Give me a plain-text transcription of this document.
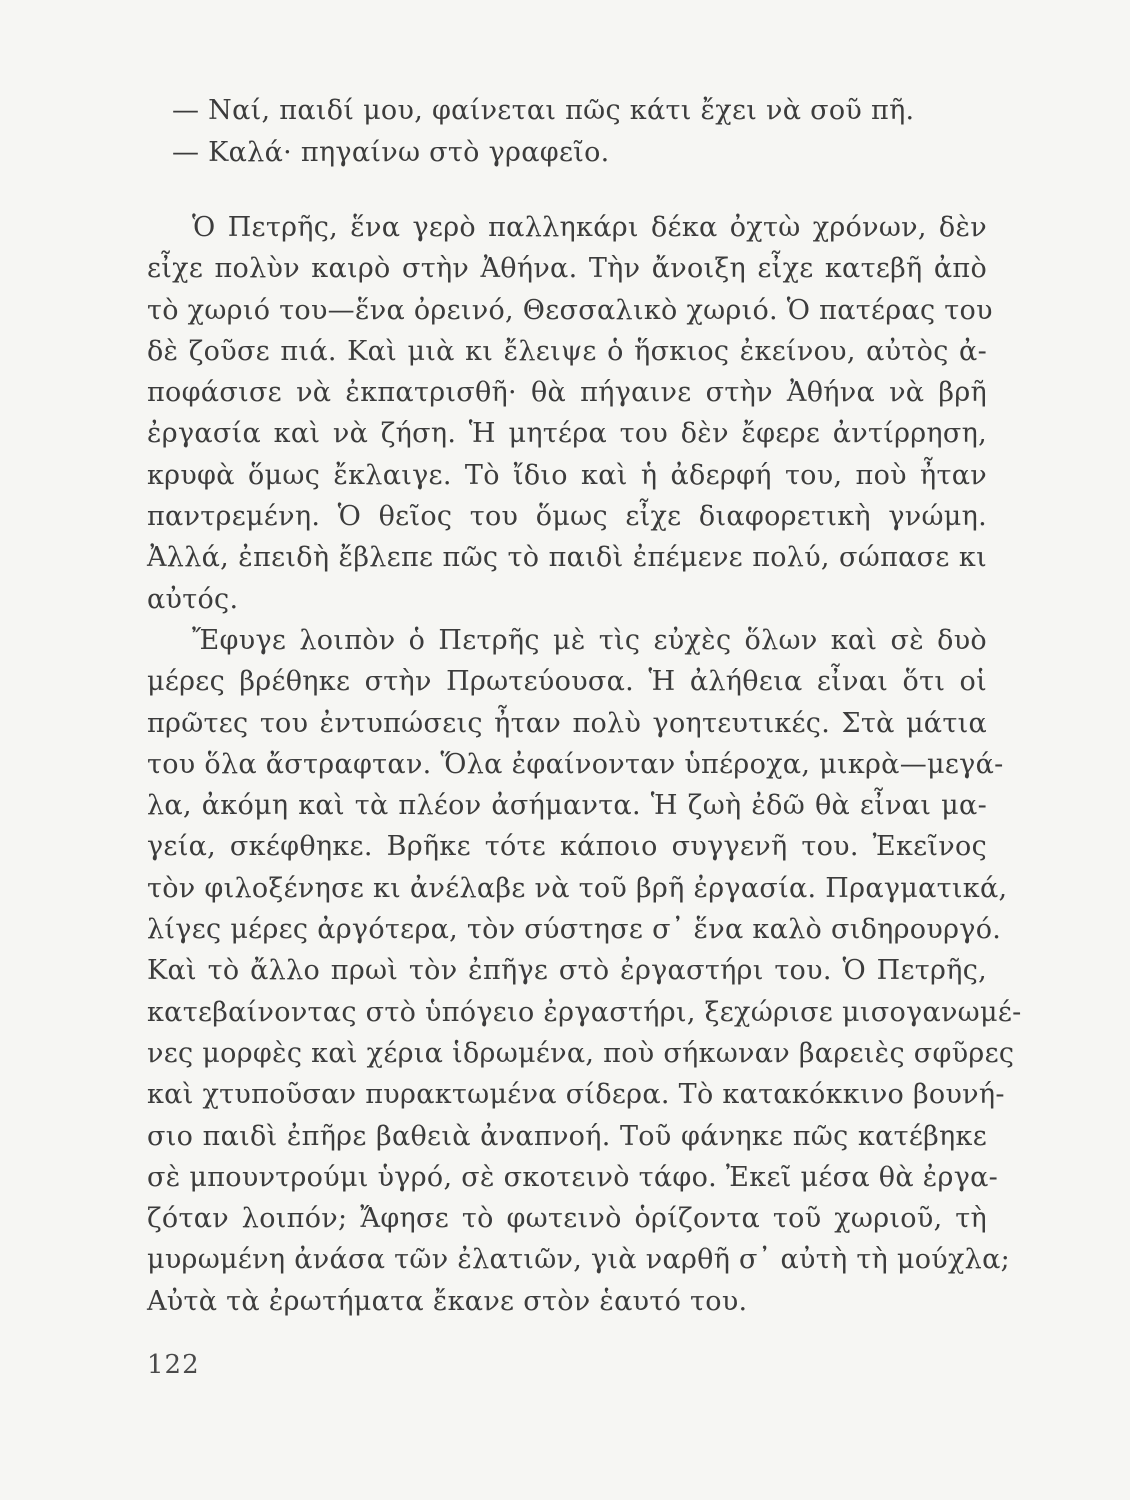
— Ναί, παιδί μου, φαίνεται πῶς κάτι ἔχει νὰ σοῦ πῆ.
— Καλά· πηγαίνω στὸ γραφεῖο.
Ὁ Πετρῆς, ἕνα γερὸ παλληκάρι δέκα ὀχτὼ χρόνων, δὲν
εἶχε πολὺν καιρὸ στὴν Ἀθήνα. Τὴν ἄνοιξη εἶχε κατεβῆ ἀπὸ
τὸ χωριό του—ἕνα ὀρεινό, Θεσσαλικὸ χωριό. Ὁ πατέρας του
δὲ ζοῦσε πιά. Καὶ μιὰ κι ἔλειψε ὁ ἥσκιος ἐκείνου, αὐτὸς ἀ-
ποφάσισε νὰ ἐκπατρισθῆ· θὰ πήγαινε στὴν Ἀθήνα νὰ βρῆ
ἐργασία καὶ νὰ ζήση. Ἡ μητέρα του δὲν ἔφερε ἀντίρρηση,
κρυφὰ ὅμως ἔκλαιγε. Τὸ ἴδιο καὶ ἡ ἀδερφή του, ποὺ ἦταν
παντρεμένη. Ὁ θεῖος του ὅμως εἶχε διαφορετικὴ γνώμη.
Ἀλλά, ἐπειδὴ ἔβλεπε πῶς τὸ παιδὶ ἐπέμενε πολύ, σώπασε κι
αὐτός.
Ἔφυγε λοιπὸν ὁ Πετρῆς μὲ τὶς εὐχὲς ὅλων καὶ σὲ δυὸ
μέρες βρέθηκε στὴν Πρωτεύουσα. Ἡ ἀλήθεια εἶναι ὅτι οἱ
πρῶτες του ἐντυπώσεις ἦταν πολὺ γοητευτικές. Στὰ μάτια
του ὅλα ἄστραφταν. Ὅλα ἐφαίνονταν ὑπέροχα, μικρὰ—μεγά-
λα, ἀκόμη καὶ τὰ πλέον ἀσήμαντα. Ἡ ζωὴ ἐδῶ θὰ εἶναι μα-
γεία, σκέφθηκε. Βρῆκε τότε κάποιο συγγενῆ του. Ἐκεῖνος
τὸν φιλοξένησε κι ἀνέλαβε νὰ τοῦ βρῆ ἐργασία. Πραγματικά,
λίγες μέρες ἀργότερα, τὸν σύστησε σ᾽ ἕνα καλὸ σιδηρουργό.
Καὶ τὸ ἄλλο πρωὶ τὸν ἐπῆγε στὸ ἐργαστήρι του. Ὁ Πετρῆς,
κατεβαίνοντας στὸ ὑπόγειο ἐργαστήρι, ξεχώρισε μισογανωμέ-
νες μορφὲς καὶ χέρια ἱδρωμένα, ποὺ σήκωναν βαρειὲς σφῦρες
καὶ χτυποῦσαν πυρακτωμένα σίδερα. Τὸ κατακόκκινο βουνή-
σιο παιδὶ ἐπῆρε βαθειὰ ἀναπνοή. Τοῦ φάνηκε πῶς κατέβηκε
σὲ μπουντρούμι ὑγρό, σὲ σκοτεινὸ τάφο. Ἐκεῖ μέσα θὰ ἐργα-
ζόταν λοιπόν; Ἄφησε τὸ φωτεινὸ ὁρίζοντα τοῦ χωριοῦ, τὴ
μυρωμένη ἀνάσα τῶν ἐλατιῶν, γιὰ ναρθῆ σ᾽ αὐτὴ τὴ μούχλα;
Αὐτὰ τὰ ἐρωτήματα ἔκανε στὸν ἑαυτό του.
122
